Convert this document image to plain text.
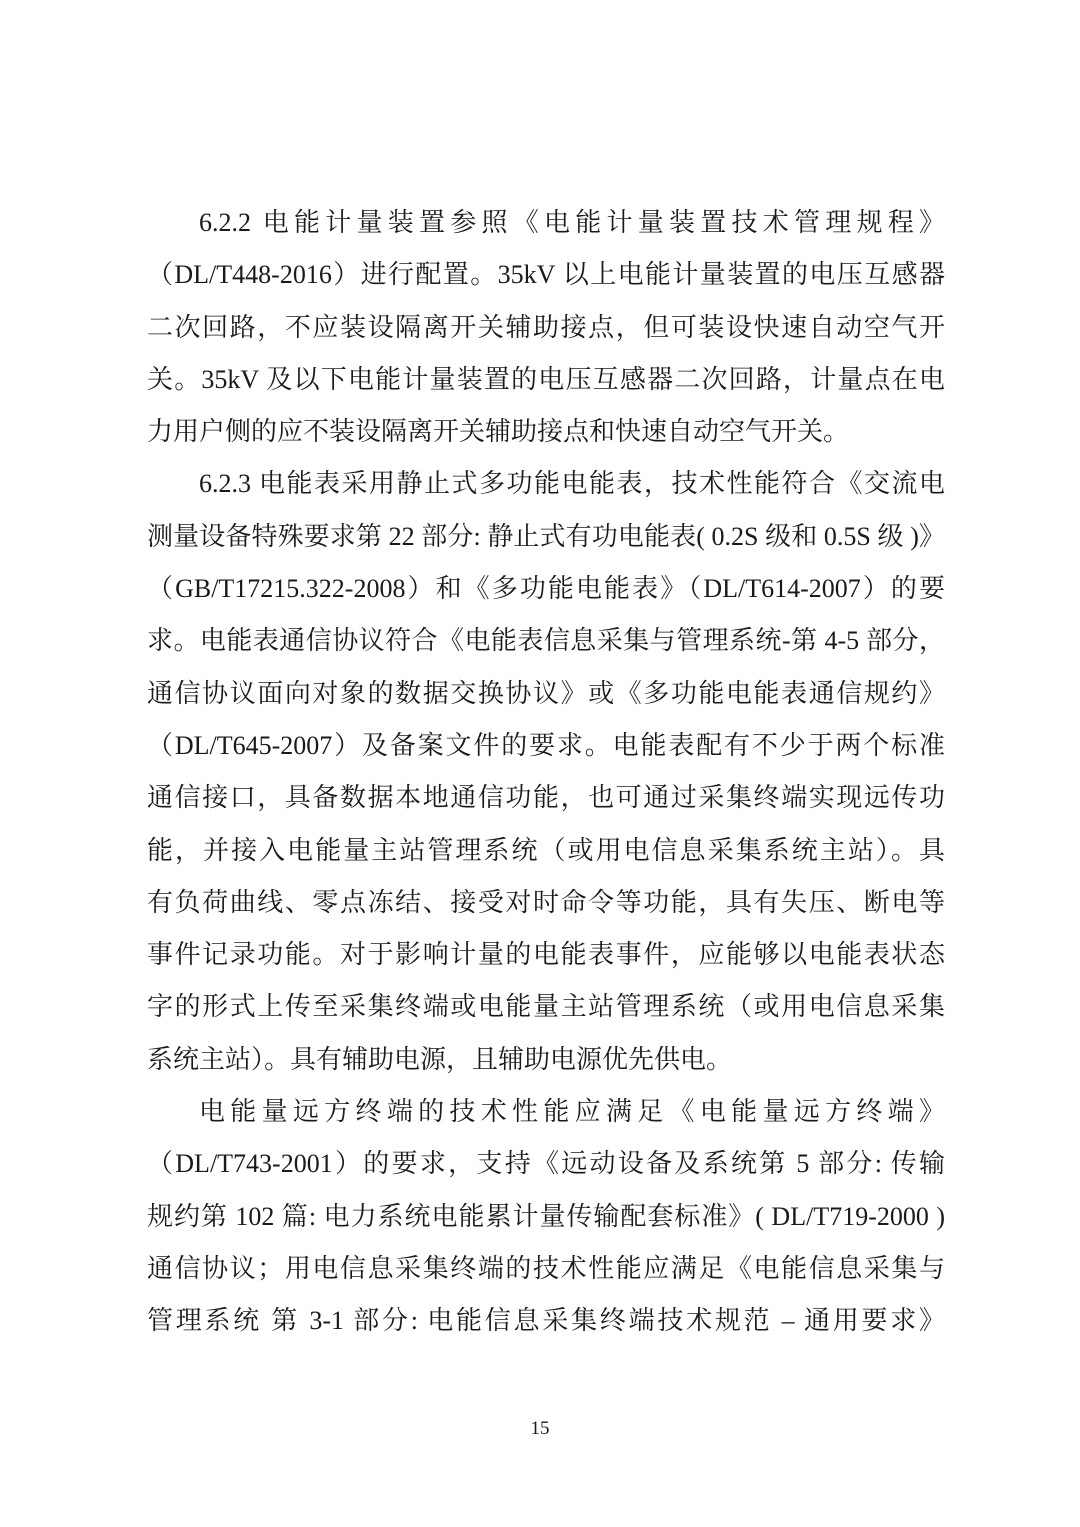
6.2.2 电能计量装置参照《电能计量装置技术管理规程》
（DL/T448-2016）进行配置。35kV 以上电能计量装置的电压互感器
二次回路，不应装设隔离开关辅助接点，但可装设快速自动空气开
关。35kV 及以下电能计量装置的电压互感器二次回路，计量点在电
力用户侧的应不装设隔离开关辅助接点和快速自动空气开关。
6.2.3 电能表采用静止式多功能电能表，技术性能符合《交流电
测量设备特殊要求第 22 部分: 静止式有功电能表( 0.2S 级和 0.5S 级 )》
（GB/T17215.322-2008）和《多功能电能表》（DL/T614-2007）的要
求。电能表通信协议符合《电能表信息采集与管理系统-第 4-5 部分，
通信协议面向对象的数据交换协议》或《多功能电能表通信规约》
（DL/T645-2007）及备案文件的要求。电能表配有不少于两个标准
通信接口，具备数据本地通信功能，也可通过采集终端实现远传功
能，并接入电能量主站管理系统（或用电信息采集系统主站）。具
有负荷曲线、零点冻结、接受对时命令等功能，具有失压、断电等
事件记录功能。对于影响计量的电能表事件，应能够以电能表状态
字的形式上传至采集终端或电能量主站管理系统（或用电信息采集
系统主站）。具有辅助电源，且辅助电源优先供电。
电能量远方终端的技术性能应满足《电能量远方终端》
（DL/T743-2001）的要求，支持《远动设备及系统第 5 部分: 传输
规约第 102 篇: 电力系统电能累计量传输配套标准》( DL/T719-2000 )
通信协议；用电信息采集终端的技术性能应满足《电能信息采集与
管理系统 第 3-1 部分: 电能信息采集终端技术规范 – 通用要求》
15
